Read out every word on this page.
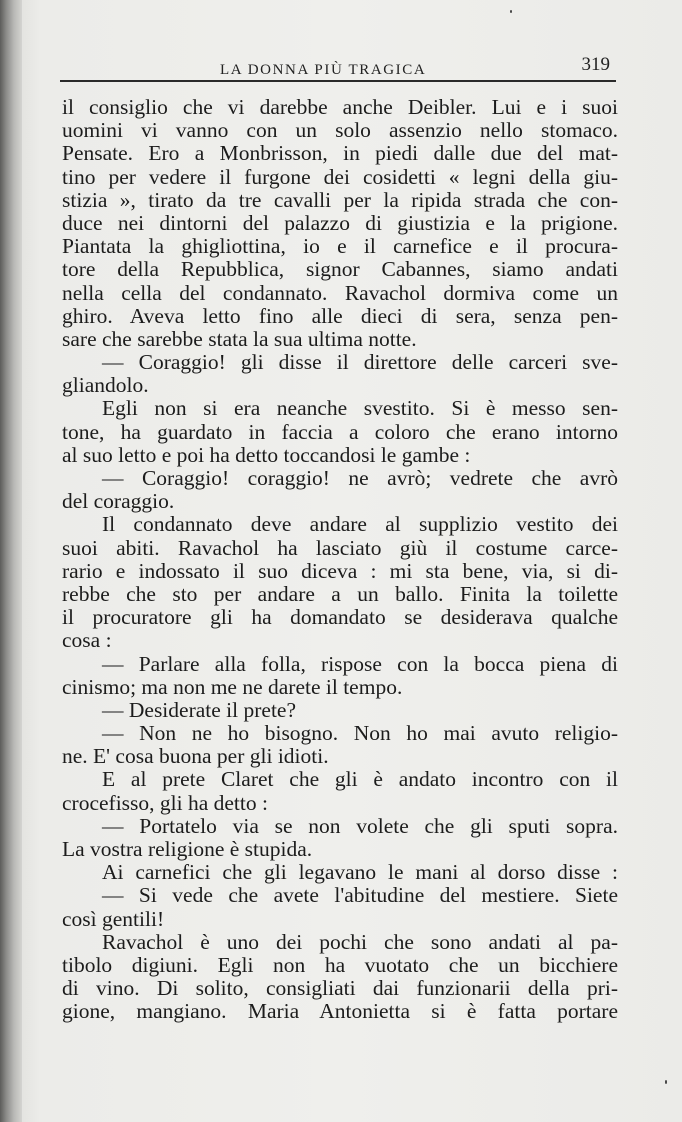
LA DONNA PIÙ TRAGICA	319
il consiglio che vi darebbe anche Deibler. Lui e i suoi
uomini vi vanno con un solo assenzio nello stomaco.
Pensate. Ero a Monbrisson, in piedi dalle due del mat-
tino per vedere il furgone dei cosidetti « legni della giu-
stizia », tirato da tre cavalli per la ripida strada che con-
duce nei dintorni del palazzo di giustizia e la prigione.
Piantata la ghigliottina, io e il carnefice e il procura-
tore della Repubblica, signor Cabannes, siamo andati
nella cella del condannato. Ravachol dormiva come un
ghiro. Aveva letto fino alle dieci di sera, senza pen-
sare che sarebbe stata la sua ultima notte.
— Coraggio! gli disse il direttore delle carceri sve-
gliandolo.
Egli non si era neanche svestito. Si è messo sen-
tone, ha guardato in faccia a coloro che erano intorno
al suo letto e poi ha detto toccandosi le gambe :
— Coraggio! coraggio! ne avrò; vedrete che avrò
del coraggio.
Il condannato deve andare al supplizio vestito dei
suoi abiti. Ravachol ha lasciato giù il costume carce-
rario e indossato il suo diceva : mi sta bene, via, si di-
rebbe che sto per andare a un ballo. Finita la toilette
il procuratore gli ha domandato se desiderava qualche
cosa :
— Parlare alla folla, rispose con la bocca piena di
cinismo; ma non me ne darete il tempo.
— Desiderate il prete?
— Non ne ho bisogno. Non ho mai avuto religio-
ne. E' cosa buona per gli idioti.
E al prete Claret che gli è andato incontro con il
crocefisso, gli ha detto :
— Portatelo via se non volete che gli sputi sopra.
La vostra religione è stupida.
Ai carnefici che gli legavano le mani al dorso disse :
— Si vede che avete l'abitudine del mestiere. Siete
così gentili!
Ravachol è uno dei pochi che sono andati al pa-
tibolo digiuni. Egli non ha vuotato che un bicchiere
di vino. Di solito, consigliati dai funzionarii della pri-
gione, mangiano. Maria Antonietta si è fatta portare
